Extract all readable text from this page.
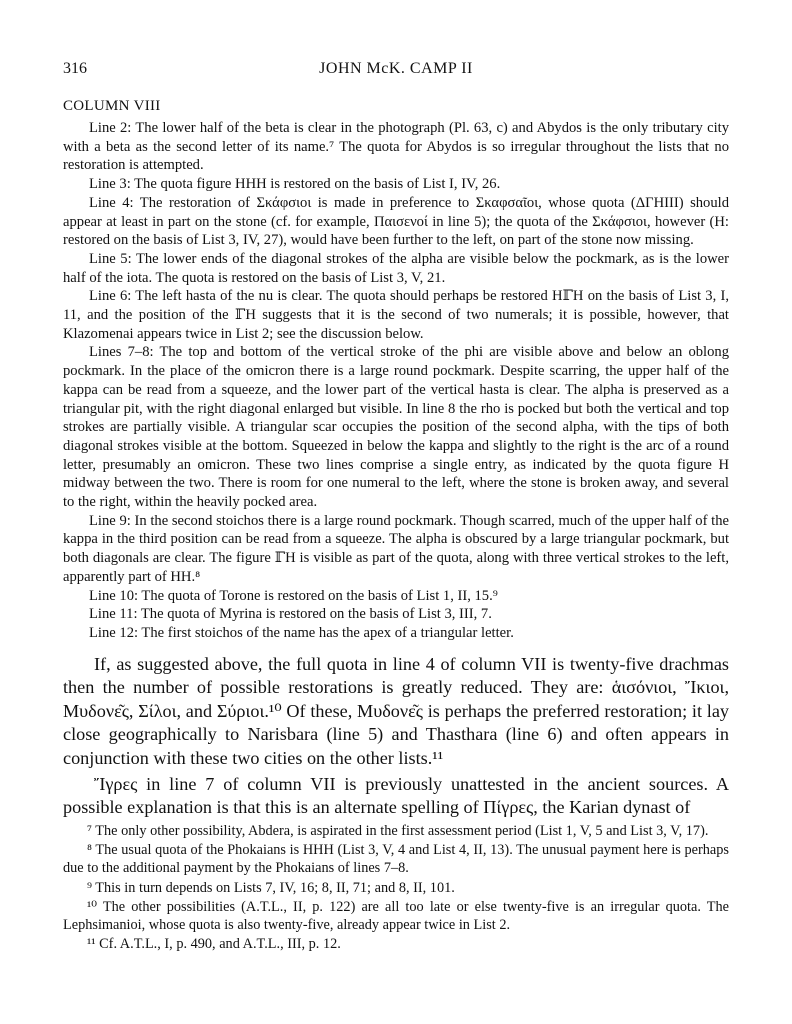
316	JOHN McK. CAMP II
COLUMN VIII

Line 2: The lower half of the beta is clear in the photograph (Pl. 63, c) and Abydos is the only tributary city with a beta as the second letter of its name.⁷ The quota for Abydos is so irregular throughout the lists that no restoration is attempted.

Line 3: The quota figure HHH is restored on the basis of List I, IV, 26.

Line 4: The restoration of Σκάφσιοι is made in preference to Σκαφσαῖοι, whose quota (ΔΓΗΙΙΙ) should appear at least in part on the stone (cf. for example, Παισενοί in line 5); the quota of the Σκάφσιοι, however (H: restored on the basis of List 3, IV, 27), would have been further to the left, on part of the stone now missing.

Line 5: The lower ends of the diagonal strokes of the alpha are visible below the pockmark, as is the lower half of the iota. The quota is restored on the basis of List 3, V, 21.

Line 6: The left hasta of the nu is clear. The quota should perhaps be restored HℾΗ on the basis of List 3, I, 11, and the position of the ℾΗ suggests that it is the second of two numerals; it is possible, however, that Klazomenai appears twice in List 2; see the discussion below.

Lines 7–8: The top and bottom of the vertical stroke of the phi are visible above and below an oblong pockmark. In the place of the omicron there is a large round pockmark. Despite scarring, the upper half of the kappa can be read from a squeeze, and the lower part of the vertical hasta is clear. The alpha is preserved as a triangular pit, with the right diagonal enlarged but visible. In line 8 the rho is pocked but both the vertical and top strokes are partially visible. A triangular scar occupies the position of the second alpha, with the tips of both diagonal strokes visible at the bottom. Squeezed in below the kappa and slightly to the right is the arc of a round letter, presumably an omicron. These two lines comprise a single entry, as indicated by the quota figure H midway between the two. There is room for one numeral to the left, where the stone is broken away, and several to the right, within the heavily pocked area.

Line 9: In the second stoichos there is a large round pockmark. Though scarred, much of the upper half of the kappa in the third position can be read from a squeeze. The alpha is obscured by a large triangular pockmark, but both diagonals are clear. The figure ℾΗ is visible as part of the quota, along with three vertical strokes to the left, apparently part of HH.⁸

Line 10: The quota of Torone is restored on the basis of List 1, II, 15.⁹

Line 11: The quota of Myrina is restored on the basis of List 3, III, 7.

Line 12: The first stoichos of the name has the apex of a triangular letter.

If, as suggested above, the full quota in line 4 of column VII is twenty-five drachmas then the number of possible restorations is greatly reduced. They are: ἁισόνιοι, Ἴκιοι, Μυδονε͂ς, Σίλοι, and Σύριοι.¹⁰ Of these, Μυδονε͂ς is perhaps the preferred restoration; it lay close geographically to Narisbara (line 5) and Thasthara (line 6) and often appears in conjunction with these two cities on the other lists.¹¹

Ἴγρες in line 7 of column VII is previously unattested in the ancient sources. A possible explanation is that this is an alternate spelling of Πίγρες, the Karian dynast of

⁷ The only other possibility, Abdera, is aspirated in the first assessment period (List 1, V, 5 and List 3, V, 17).

⁸ The usual quota of the Phokaians is HHH (List 3, V, 4 and List 4, II, 13). The unusual payment here is perhaps due to the additional payment by the Phokaians of lines 7–8.

⁹ This in turn depends on Lists 7, IV, 16; 8, II, 71; and 8, II, 101.

¹⁰ The other possibilities (A.T.L., II, p. 122) are all too late or else twenty-five is an irregular quota. The Lephsimanioi, whose quota is also twenty-five, already appear twice in List 2.

¹¹ Cf. A.T.L., I, p. 490, and A.T.L., III, p. 12.
